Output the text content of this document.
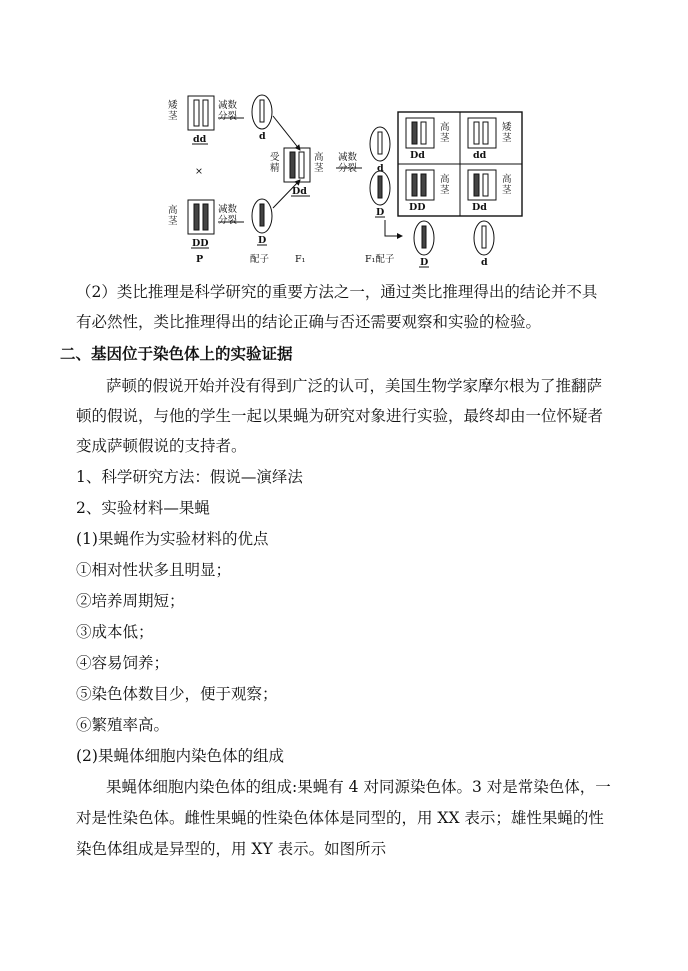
矮茎
dd
减数分裂
d
×
高茎
DD
P
减数分裂
D
配子
受精
Dd
高茎
F₁
减数分裂 d
D
F₁配子
Dd
高茎
dd
矮茎
DD
高茎
Dd
高茎
D	d
（2）类比推理是科学研究的重要方法之一，通过类比推理得出的结论并不具
有必然性，类比推理得出的结论正确与否还需要观察和实验的检验。
二、基因位于染色体上的实验证据
萨顿的假说开始并没有得到广泛的认可，美国生物学家摩尔根为了推翻萨
顿的假说，与他的学生一起以果蝇为研究对象进行实验，最终却由一位怀疑者
变成萨顿假说的支持者。
1、科学研究方法：假说—演绎法
2、实验材料—果蝇
(1)果蝇作为实验材料的优点
①相对性状多且明显；
②培养周期短；
③成本低；
④容易饲养；
⑤染色体数目少，便于观察；
⑥繁殖率高。
(2)果蝇体细胞内染色体的组成
果蝇体细胞内染色体的组成:果蝇有 4 对同源染色体。3 对是常染色体，一
对是性染色体。雌性果蝇的性染色体体是同型的，用 XX 表示；雄性果蝇的性
染色体组成是异型的，用 XY 表示。如图所示
